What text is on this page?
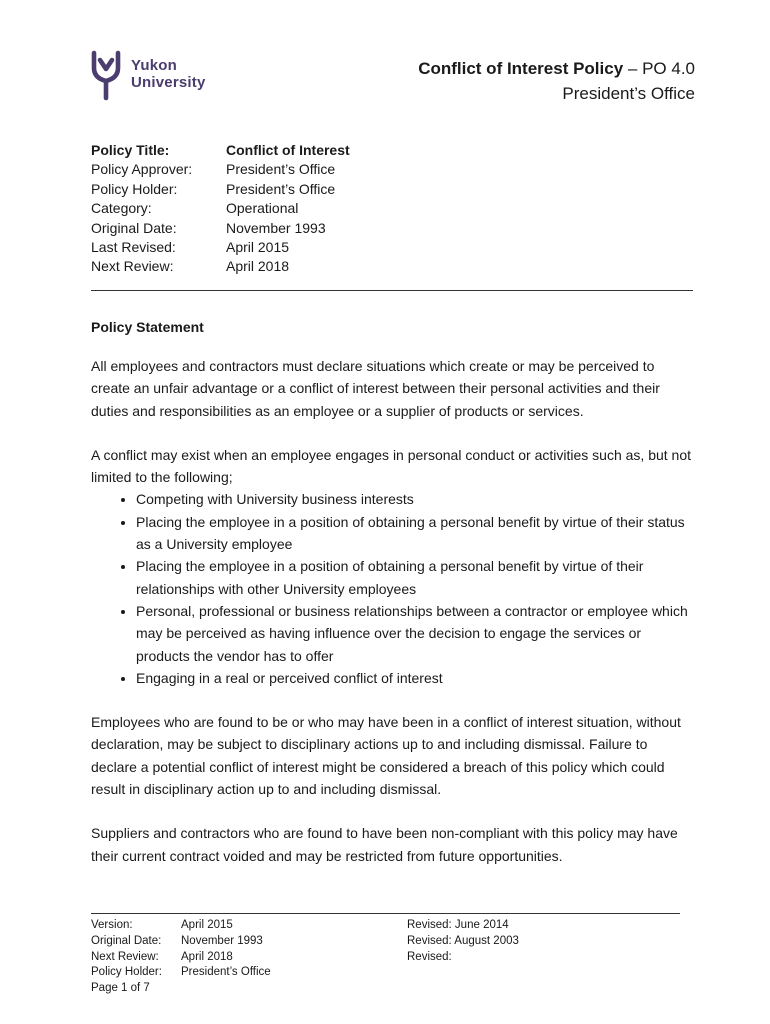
Yukon
University
Conflict of Interest Policy – PO 4.0
President’s Office
Policy Title:	Conflict of Interest
Policy Approver:	President’s Office
Policy Holder:	President’s Office
Category:	Operational
Original Date:	November 1993
Last Revised:	April 2015
Next Review:	April 2018
Policy Statement

All employees and contractors must declare situations which create or may be perceived to create an unfair advantage or a conflict of interest between their personal activities and their duties and responsibilities as an employee or a supplier of products or services.

A conflict may exist when an employee engages in personal conduct or activities such as, but not limited to the following;

• Competing with University business interests
• Placing the employee in a position of obtaining a personal benefit by virtue of their status as a University employee
• Placing the employee in a position of obtaining a personal benefit by virtue of their relationships with other University employees
• Personal, professional or business relationships between a contractor or employee which may be perceived as having influence over the decision to engage the services or products the vendor has to offer
• Engaging in a real or perceived conflict of interest

Employees who are found to be or who may have been in a conflict of interest situation, without declaration, may be subject to disciplinary actions up to and including dismissal. Failure to declare a potential conflict of interest might be considered a breach of this policy which could result in disciplinary action up to and including dismissal.

Suppliers and contractors who are found to have been non-compliant with this policy may have their current contract voided and may be restricted from future opportunities.

Version:	April 2015	Revised: June 2014
Original Date:	November 1993	Revised: August 2003
Next Review:	April 2018	Revised:
Policy Holder:	President’s Office
Page 1 of 7
